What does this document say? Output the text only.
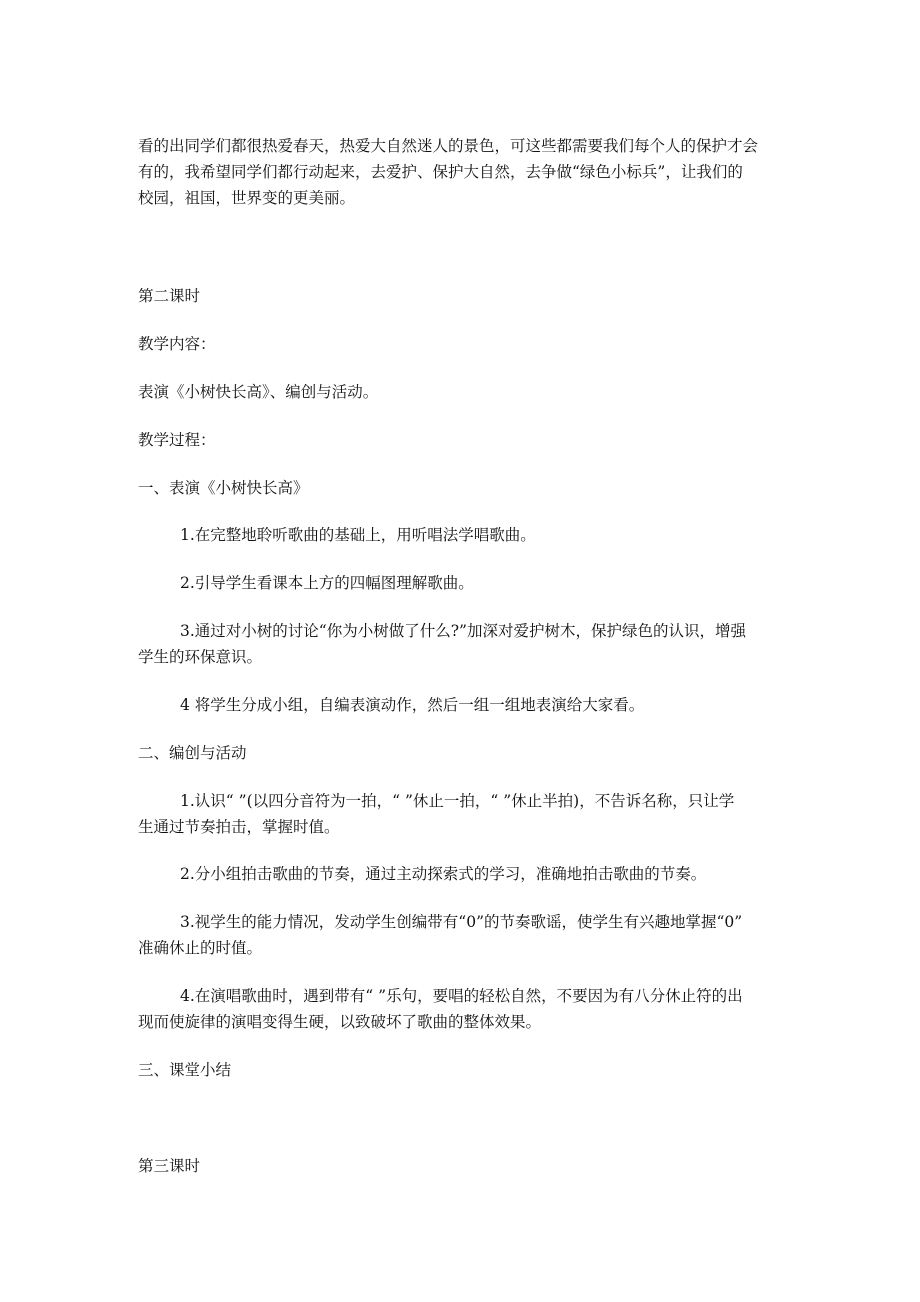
看的出同学们都很热爱春天，热爱大自然迷人的景色，可这些都需要我们每个人的保护才会

有的，我希望同学们都行动起来，去爱护、保护大自然，去争做“绿色小标兵”，让我们的

校园，祖国，世界变的更美丽。

第二课时

教学内容：

表演《小树快长高》、编创与活动。

教学过程：

一、表演《小树快长高》

1.在完整地聆听歌曲的基础上，用听唱法学唱歌曲。

2.引导学生看课本上方的四幅图理解歌曲。

3.通过对小树的讨论“你为小树做了什么?”加深对爱护树木，保护绿色的认识，增强

学生的环保意识。

4 将学生分成小组，自编表演动作，然后一组一组地表演给大家看。

二、编创与活动

1.认识“ ”(以四分音符为一拍，“ ”休止一拍，“ ”休止半拍)，不告诉名称，只让学

生通过节奏拍击，掌握时值。

2.分小组拍击歌曲的节奏，通过主动探索式的学习，准确地拍击歌曲的节奏。

3.视学生的能力情况，发动学生创编带有“0”的节奏歌谣，使学生有兴趣地掌握“0”

准确休止的时值。

4.在演唱歌曲时，遇到带有“ ”乐句，要唱的轻松自然，不要因为有八分休止符的出

现而使旋律的演唱变得生硬，以致破坏了歌曲的整体效果。

三、课堂小结

第三课时
